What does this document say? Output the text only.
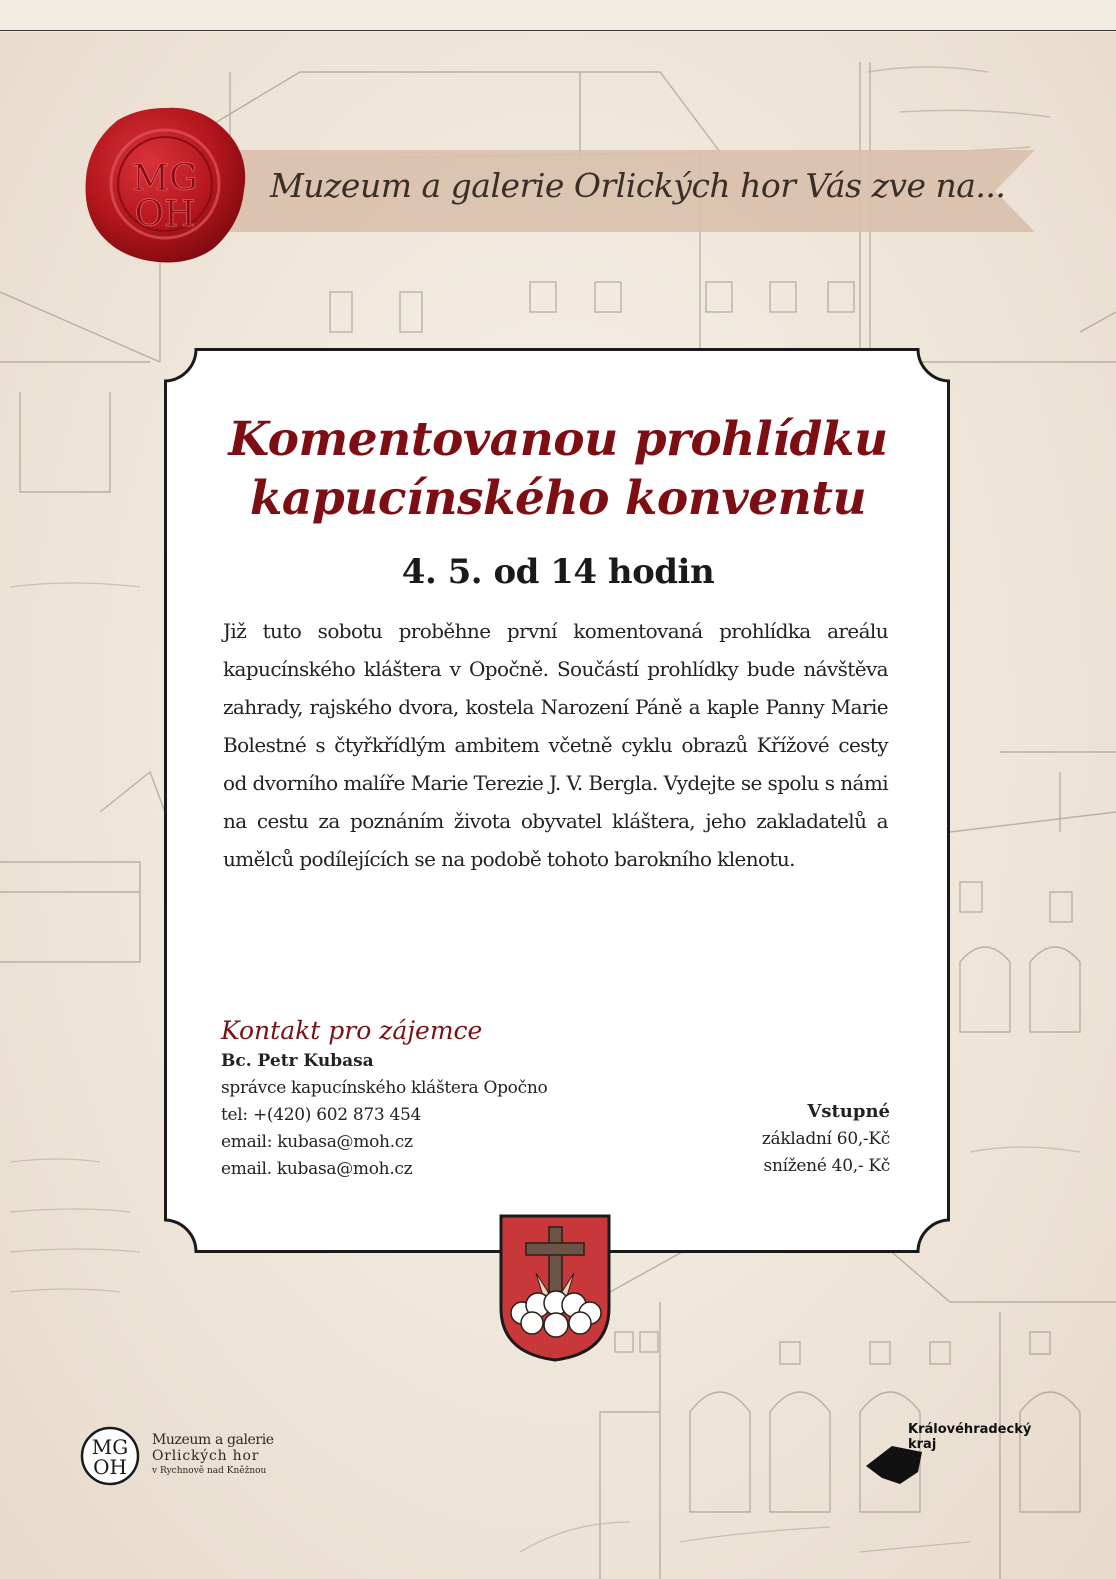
Muzeum a galerie Orlických hor Vás zve na...
MG
OH
Komentovanou prohlídku
kapucínského konventu
4. 5. od 14 hodin
Již tuto sobotu proběhne první komentovaná prohlídka areálu kapucínského kláštera v Opočně. Součástí prohlídky bude návštěva zahrady, rajského dvora, kostela Narození Páně a kaple Panny Marie Bolestné s čtyřkřídlým ambitem včetně cyklu obrazů Křížové cesty od dvorního malíře Marie Terezie J. V. Bergla. Vydejte se spolu s námi na cestu za poznáním života obyvatel kláštera, jeho zakladatelů a umělců podílejících se na podobě tohoto barokního klenotu.
Kontakt pro zájemce
Bc. Petr Kubasa
správce kapucínského kláštera Opočno
tel: +(420) 602 873 454
email: kubasa@moh.cz
email. kubasa@moh.cz
Vstupné
základní 60,-Kč
snížené 40,- Kč
MG
OH
Muzeum a galerie
Orlických hor
v Rychnově nad Kněžnou
Královéhradecký
kraj
